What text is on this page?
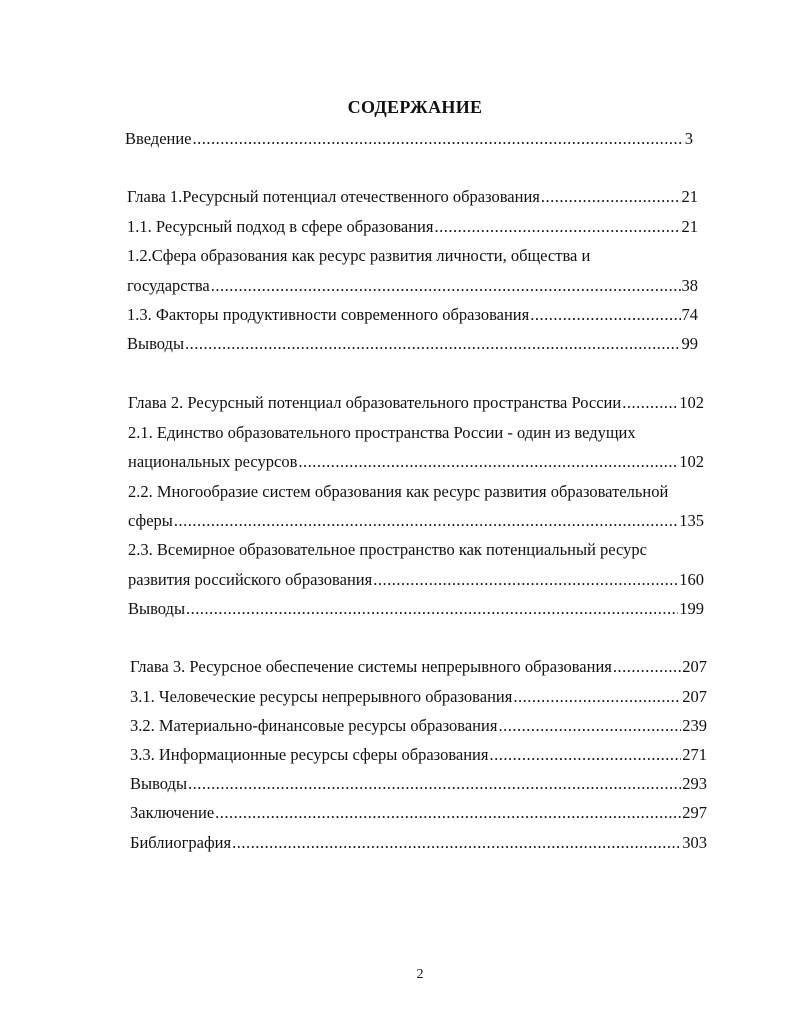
СОДЕРЖАНИЕ
Введение .....	3
Глава 1.Ресурсный потенциал отечественного образования .....	21
1.1. Ресурсный подход в сфере образования .....	21
1.2.Сфера образования как ресурс развития личности, общества и
государства .....	38
1.3. Факторы продуктивности современного образования .....	74
Выводы .....	99
Глава 2. Ресурсный потенциал образовательного пространства России .....	102
2.1. Единство образовательного пространства России - один из ведущих
национальных ресурсов .....	102
2.2. Многообразие систем образования как ресурс развития образовательной
сферы .....	135
2.3. Всемирное образовательное пространство как потенциальный ресурс
развития российского образования .....	160
Выводы .....	199
Глава 3. Ресурсное обеспечение системы непрерывного образования .....	207
3.1. Человеческие ресурсы непрерывного образования .....	207
3.2. Материально-финансовые ресурсы образования .....	239
3.3. Информационные ресурсы сферы образования .....	271
Выводы .....	293
Заключение .....	297
Библиография .....	303
2
